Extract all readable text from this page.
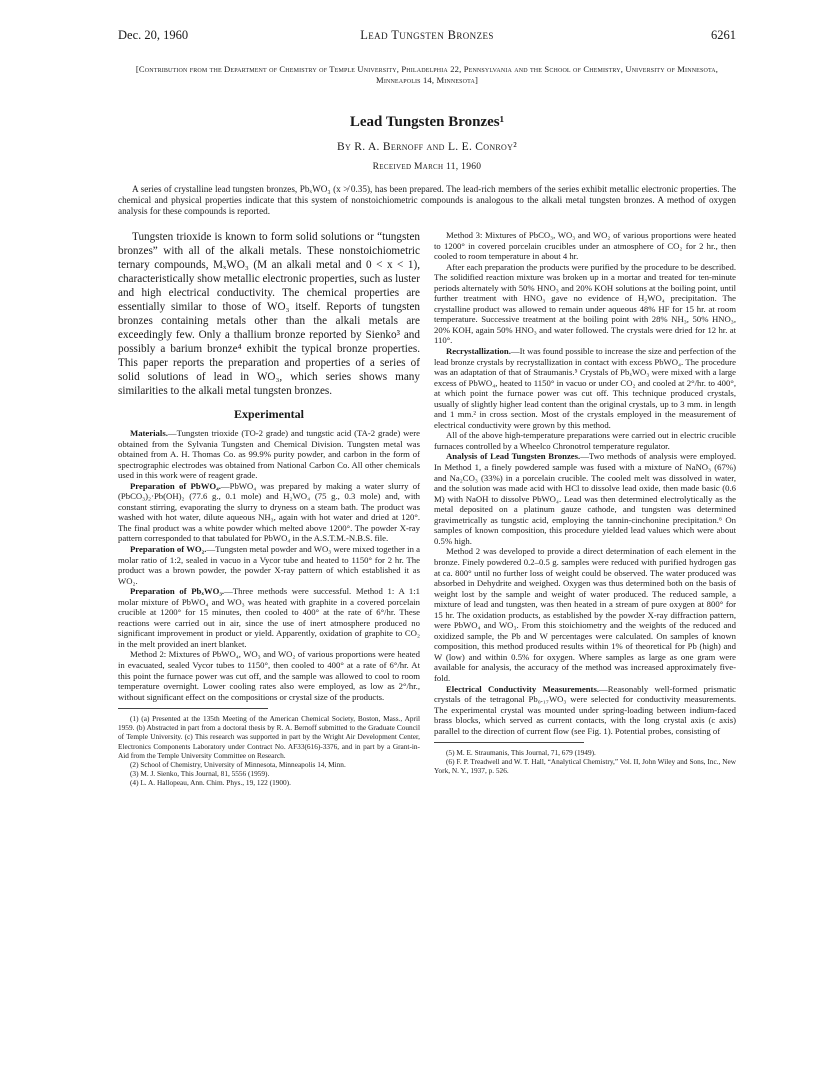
Dec. 20, 1960	Lead Tungsten Bronzes	6261
[Contribution from the Department of Chemistry of Temple University, Philadelphia 22, Pennsylvania and the School of Chemistry, University of Minnesota, Minneapolis 14, Minnesota]
Lead Tungsten Bronzes¹
By R. A. Bernoff and L. E. Conroy²
Received March 11, 1960
A series of crystalline lead tungsten bronzes, PbₓWO₃ (x ≯ 0.35), has been prepared. The lead-rich members of the series exhibit metallic electronic properties. The chemical and physical properties indicate that this system of nonstoichiometric compounds is analogous to the alkali metal tungsten bronzes. A method of oxygen analysis for these compounds is reported.

Tungsten trioxide is known to form solid solutions or “tungsten bronzes” with all of the alkali metals. These nonstoichiometric ternary compounds, MₓWO₃ (M an alkali metal and 0 < x < 1), characteristically show metallic electronic properties, such as luster and high electrical conductivity. The chemical properties are essentially similar to those of WO₃ itself. Reports of tungsten bronzes containing metals other than the alkali metals are exceedingly few. Only a thallium bronze reported by Sienko³ and possibly a barium bronze⁴ exhibit the typical bronze properties. This paper reports the preparation and properties of a series of solid solutions of lead in WO₃, which series shows many similarities to the alkali metal tungsten bronzes.

Experimental

Materials.—Tungsten trioxide (TO-2 grade) and tungstic acid (TA-2 grade) were obtained from the Sylvania Tungsten and Chemical Division. Tungsten metal was obtained from A. H. Thomas Co. as 99.9% purity powder, and carbon in the form of spectrographic electrodes was obtained from National Carbon Co. All other chemicals used in this work were of reagent grade.

Preparation of PbWO₄.—PbWO₄ was prepared by making a water slurry of (PbCO₃)₂·Pb(OH)₂ (77.6 g., 0.1 mole) and H₂WO₄ (75 g., 0.3 mole) and, with constant stirring, evaporating the slurry to dryness on a steam bath. The product was washed with hot water, dilute aqueous NH₃, again with hot water and dried at 120°. The final product was a white powder which melted above 1200°. The powder X-ray pattern corresponded to that tabulated for PbWO₄ in the A.S.T.M.-N.B.S. file.

Preparation of WO₂.—Tungsten metal powder and WO₃ were mixed together in a molar ratio of 1:2, sealed in vacuo in a Vycor tube and heated to 1150° for 2 hr. The product was a brown powder, the powder X-ray pattern of which established it as WO₂.

Preparation of PbₓWO₃.—Three methods were successful. Method 1: A 1:1 molar mixture of PbWO₄ and WO₃ was heated with graphite in a covered porcelain crucible at 1200° for 15 minutes, then cooled to 400° at the rate of 6°/hr. These reactions were carried out in air, since the use of inert atmosphere produced no significant improvement in product or yield. Apparently, oxidation of graphite to CO₂ in the melt provided an inert blanket.

Method 2: Mixtures of PbWO₄, WO₃ and WO₂ of various proportions were heated in evacuated, sealed Vycor tubes to 1150°, then cooled to 400° at a rate of 6°/hr. At this point the furnace power was cut off, and the sample was allowed to cool to room temperature overnight. Lower cooling rates also were employed, as low as 2°/hr., without significant effect on the compositions or crystal size of the products.

(1) (a) Presented at the 135th Meeting of the American Chemical Society, Boston, Mass., April 1959. (b) Abstracted in part from a doctoral thesis by R. A. Bernoff submitted to the Graduate Council of Temple University. (c) This research was supported in part by the Wright Air Development Center, Electronics Components Laboratory under Contract No. AF33(616)-3376, and in part by a Grant-in-Aid from the Temple University Committee on Research.

(2) School of Chemistry, University of Minnesota, Minneapolis 14, Minn.

(3) M. J. Sienko, This Journal, 81, 5556 (1959).

(4) L. A. Hallopeau, Ann. Chim. Phys., 19, 122 (1900).

Method 3: Mixtures of PbCO₃, WO₃ and WO₂ of various proportions were heated to 1200° in covered porcelain crucibles under an atmosphere of CO₂ for 2 hr., then cooled to room temperature in about 4 hr.

After each preparation the products were purified by the procedure to be described. The solidified reaction mixture was broken up in a mortar and treated for ten-minute periods alternately with 50% HNO₃ and 20% KOH solutions at the boiling point, until further treatment with HNO₃ gave no evidence of H₂WO₄ precipitation. The crystalline product was allowed to remain under aqueous 48% HF for 15 hr. at room temperature. Successive treatment at the boiling point with 28% NH₃, 50% HNO₃, 20% KOH, again 50% HNO₃ and water followed. The crystals were dried for 12 hr. at 110°.

Recrystallization.—It was found possible to increase the size and perfection of the lead bronze crystals by recrystallization in contact with excess PbWO₄. The procedure was an adaptation of that of Straumanis.⁵ Crystals of PbₓWO₃ were mixed with a large excess of PbWO₄, heated to 1150° in vacuo or under CO₂ and cooled at 2°/hr. to 400°, at which point the furnace power was cut off. This technique produced crystals, usually of slightly higher lead content than the original crystals, up to 3 mm. in length and 1 mm.² in cross section. Most of the crystals employed in the measurement of electrical conductivity were grown by this method.

All of the above high-temperature preparations were carried out in electric crucible furnaces controlled by a Wheelco Chronotrol temperature regulator.

Analysis of Lead Tungsten Bronzes.—Two methods of analysis were employed. In Method 1, a finely powdered sample was fused with a mixture of NaNO₃ (67%) and Na₂CO₃ (33%) in a porcelain crucible. The cooled melt was dissolved in water, and the solution was made acid with HCl to dissolve lead oxide, then made basic (0.6 M) with NaOH to dissolve PbWO₄. Lead was then determined electrolytically as the metal deposited on a platinum gauze cathode, and tungsten was determined gravimetrically as tungstic acid, employing the tannin-cinchonine precipitation.⁶ On samples of known composition, this procedure yielded lead values which were about 0.5% high.

Method 2 was developed to provide a direct determination of each element in the bronze. Finely powdered 0.2–0.5 g. samples were reduced with purified hydrogen gas at ca. 800° until no further loss of weight could be observed. The water produced was absorbed in Dehydrite and weighed. Oxygen was thus determined both on the basis of weight lost by the sample and weight of water produced. The reduced sample, a mixture of lead and tungsten, was then heated in a stream of pure oxygen at 800° for 15 hr. The oxidation products, as established by the powder X-ray diffraction pattern, were PbWO₄ and WO₃. From this stoichiometry and the weights of the reduced and oxidized sample, the Pb and W percentages were calculated. On samples of known composition, this method produced results within 1% of theoretical for Pb (high) and W (low) and within 0.5% for oxygen. Where samples as large as one gram were available for analysis, the accuracy of the method was increased approximately five-fold.

Electrical Conductivity Measurements.—Reasonably well-formed prismatic crystals of the tetragonal Pb₀.₁₇WO₃ were selected for conductivity measurements. The experimental crystal was mounted under spring-loading between indium-faced brass blocks, which served as current contacts, with the long crystal axis (c axis) parallel to the direction of current flow (see Fig. 1). Potential probes, consisting of

(5) M. E. Straumanis, This Journal, 71, 679 (1949).

(6) F. P. Treadwell and W. T. Hall, “Analytical Chemistry,” Vol. II, John Wiley and Sons, Inc., New York, N. Y., 1937, p. 526.
